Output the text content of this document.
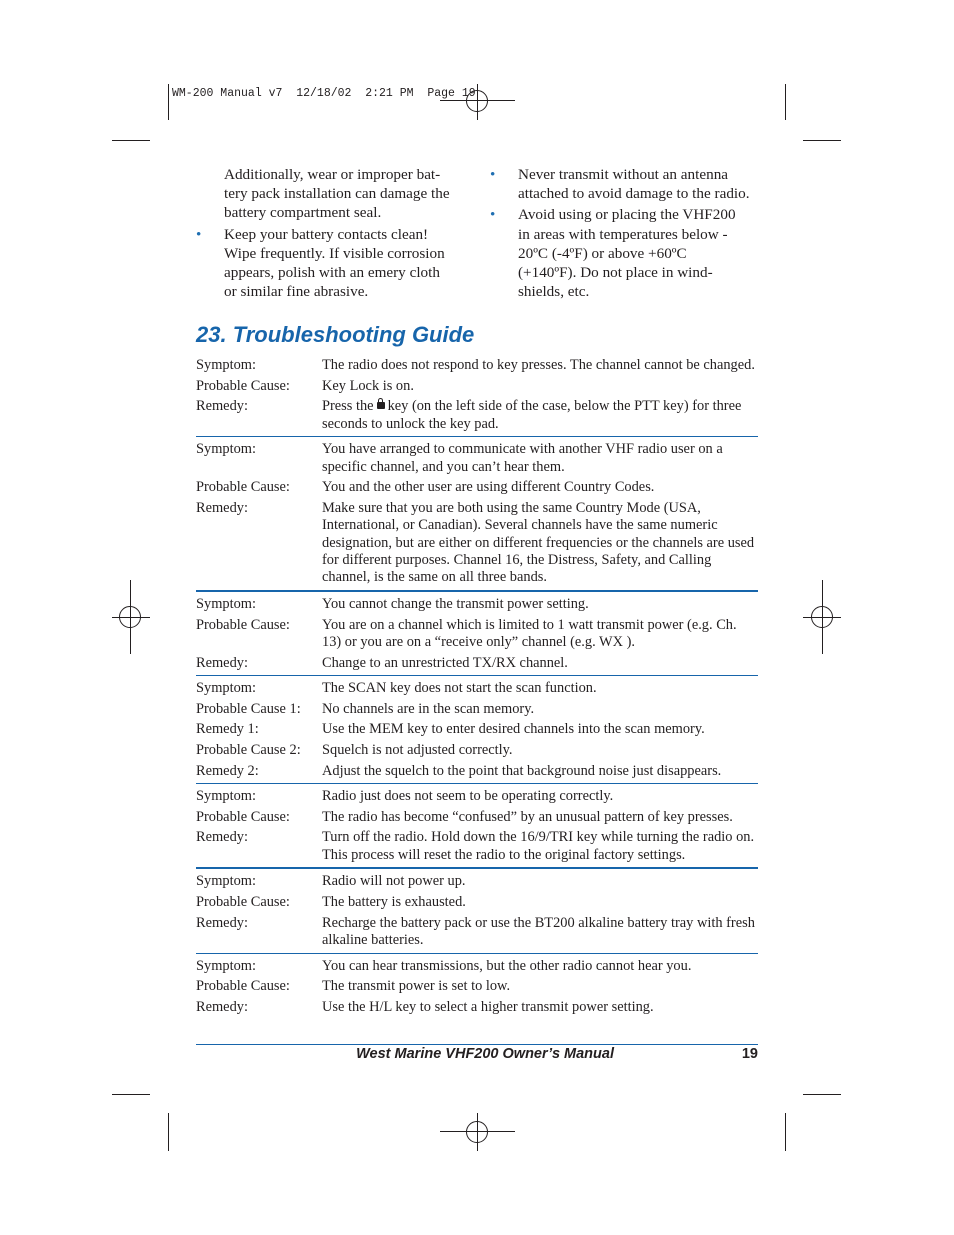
WM-200 Manual v7  12/18/02  2:21 PM  Page 19
Additionally, wear or improper bat-
tery pack installation can damage the
battery compartment seal.
• Keep your battery contacts clean!
Wipe frequently. If visible corrosion
appears, polish with an emery cloth
or similar fine abrasive.
• Never transmit without an antenna
attached to avoid damage to the radio.
• Avoid using or placing the VHF200
in areas with temperatures below -
20ºC (-4ºF) or above +60ºC
(+140ºF). Do not place in wind-
shields, etc.
23. Troubleshooting Guide
Symptom:	The radio does not respond to key presses. The channel cannot be changed.
Probable Cause:	Key Lock is on.
Remedy:	Press the key (on the left side of the case, below the PTT key) for three seconds to unlock the key pad.
Symptom:	You have arranged to communicate with another VHF radio user on a specific channel, and you can’t hear them.
Probable Cause:	You and the other user are using different Country Codes.
Remedy:	Make sure that you are both using the same Country Mode (USA, International, or Canadian). Several channels have the same numeric designation, but are either on different frequencies or the channels are used for different purposes. Channel 16, the Distress, Safety, and Calling channel, is the same on all three bands.
Symptom:	You cannot change the transmit power setting.
Probable Cause:	You are on a channel which is limited to 1 watt transmit power (e.g. Ch. 13) or you are on a “receive only” channel (e.g. WX ).
Remedy:	Change to an unrestricted TX/RX channel.
Symptom:	The SCAN key does not start the scan function.
Probable Cause 1:	No channels are in the scan memory.
Remedy 1:	Use the MEM key to enter desired channels into the scan memory.
Probable Cause 2:	Squelch is not adjusted correctly.
Remedy 2:	Adjust the squelch to the point that background noise just disappears.
Symptom:	Radio just does not seem to be operating correctly.
Probable Cause:	The radio has become “confused” by an unusual pattern of key presses.
Remedy:	Turn off the radio. Hold down the 16/9/TRI key while turning the radio on. This process will reset the radio to the original factory settings.
Symptom:	Radio will not power up.
Probable Cause:	The battery is exhausted.
Remedy:	Recharge the battery pack or use the BT200 alkaline battery tray with fresh alkaline batteries.
Symptom:	You can hear transmissions, but the other radio cannot hear you.
Probable Cause:	The transmit power is set to low.
Remedy:	Use the H/L key to select a higher transmit power setting.
West Marine VHF200 Owner’s Manual	19
